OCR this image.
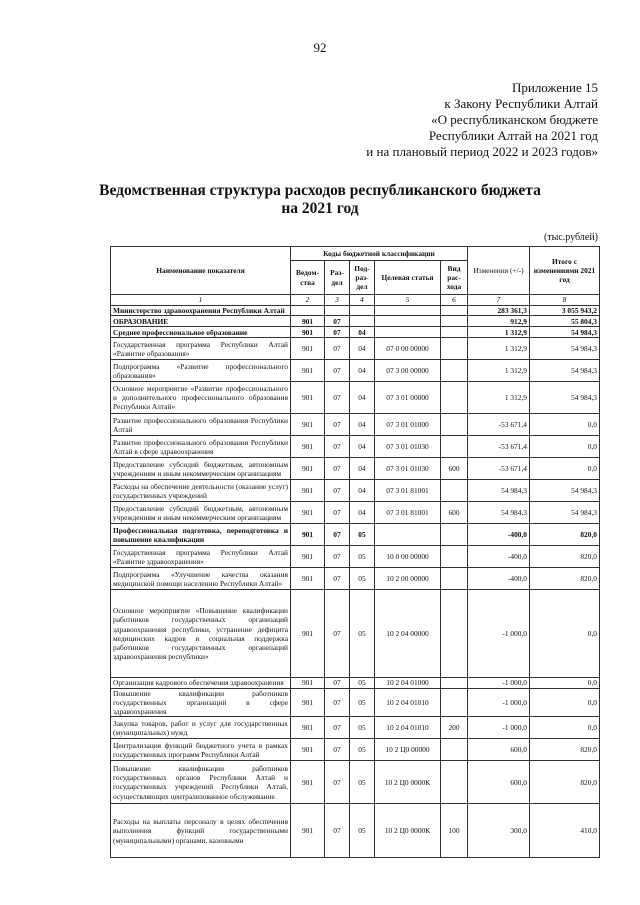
92
Приложение 15
к Закону Республики Алтай
«О республиканском бюджете
Республики Алтай на 2021 год
и на плановый период 2022 и 2023 годов»
Ведомственная структура расходов республиканского бюджета
на 2021 год
(тыс.рублей)
Наименование показателя	Коды бюджетной классификации					Изменения (+/-)	Итого с изменениями 2021 год
	Ведом-ства	Раз-дел	Под-раз-дел	Целевая статья	Вид рас-хода		
1	2	3	4	5	6	7	8
Министерство здравоохранения Республики Алтай						283 361,3	3 055 943,2
ОБРАЗОВАНИЕ	901	07				912,9	55 804,3
Среднее профессиональное образование	901	07	04			1 312,9	54 984,3
Государственная программа Республики Алтай «Развитие образования»	901	07	04	07 0 00 00000		1 312,9	54 984,3
Подпрограмма «Развитие профессионального образования»	901	07	04	07 3 00 00000		1 312,9	54 984,3
Основное мероприятие «Развитие профессионального и дополнительного профессионального образования Республики Алтай»	901	07	04	07 3 01 00000		1 312,9	54 984,3
Развитие профессионального образования Республики Алтай	901	07	04	07 3 01 01000		-53 671,4	0,0
Развитие профессионального образования Республики Алтай в сфере здравоохранения	901	07	04	07 3 01 01030		-53 671,4	0,0
Предоставление субсидий бюджетным, автономным учреждениям и иным некоммерческим организациям	901	07	04	07 3 01 01030	600	-53 671,4	0,0
Расходы на обеспечение деятельности (оказание услуг) государственных учреждений	901	07	04	07 3 01 81001		54 984,3	54 984,3
Предоставление субсидий бюджетным, автономным учреждениям и иным некоммерческим организациям	901	07	04	07 3 01 81001	600	54 984,3	54 984,3
Профессиональная подготовка, переподготовка и повышение квалификации	901	07	05			-400,0	820,0
Государственная программа Республики Алтай «Развитие здравоохранения»	901	07	05	10 0 00 00000		-400,0	820,0
Подпрограмма «Улучшение качества оказания медицинской помощи населению Республики Алтай»	901	07	05	10 2 00 00000		-400,0	820,0
Основное мероприятие «Повышение квалификации работников государственных организаций здравоохранения республики, устранение дефицита медицинских кадров и социальная поддержка работников государственных организаций здравоохранения республики»	901	07	05	10 2 04 00000		-1 000,0	0,0
Организация кадрового обеспечения здравоохранения	901	07	05	10 2 04 01000		-1 000,0	0,0
Повышение квалификации работников государственных организаций в сфере здравоохранения	901	07	05	10 2 04 01010		-1 000,0	0,0
Закупка товаров, работ и услуг для государственных (муниципальных) нужд	901	07	05	10 2 04 01010	200	-1 000,0	0,0
Централизация функций бюджетного учета в рамках государственных программ Республики Алтай	901	07	05	10 2 Ц0 00000		600,0	820,0
Повышение квалификации работников государственных органов Республики Алтай и государственных учреждений Республики Алтай, осуществляющих централизованное обслуживание	901	07	05	10 2 Ц0 0000К		600,0	820,0
Расходы на выплаты персоналу в целях обеспечения выполнения функций государственными (муниципальными) органами, казенными	901	07	05	10 2 Ц0 0000К	100	300,0	410,0
